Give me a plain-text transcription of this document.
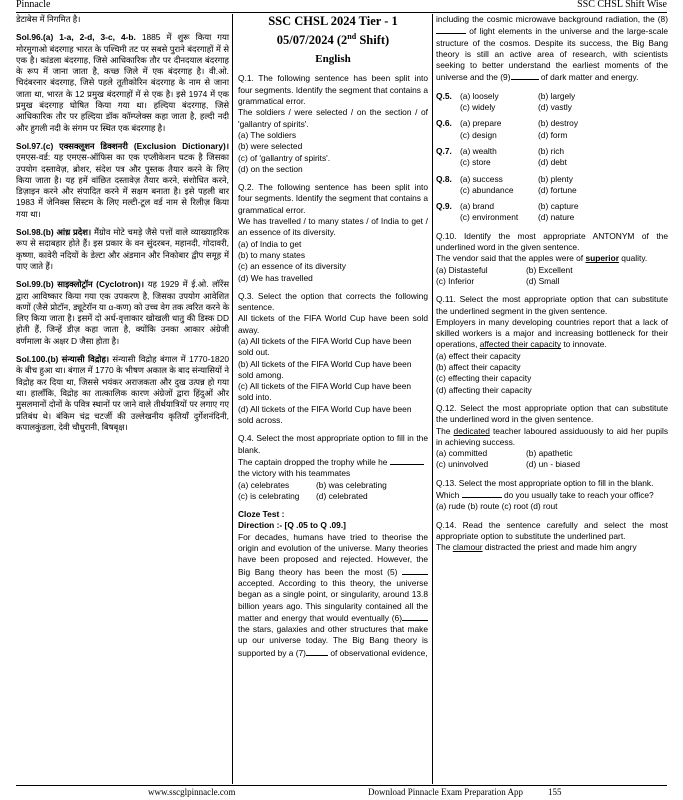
Pinnacle	SSC CHSL Shift Wise

डेटाबेस में निगमित है।

Sol.96.(a) 1-a, 2-d, 3-c, 4-b. 1885 में शुरू किया गया मोरमुगाओ बंदरगाह भारत के पश्चिमी तट पर सबसे पुराने बंदरगाहों में से एक है। कांडला बंदरगाह, जिसे आधिकारिक तौर पर दीनदयाल बंदरगाह के रूप में जाना जाता है, कच्छ जिले में एक बंदरगाह है। वी.ओ. चिदंबरनार बंदरगाह, जिसे पहले तूतीकोरिन बंदरगाह के नाम से जाना जाता था, भारत के 12 प्रमुख बंदरगाहों में से एक है। इसे 1974 में एक प्रमुख बंदरगाह घोषित किया गया था। हल्दिया बंदरगाह, जिसे आधिकारिक तौर पर हल्दिया डॉक कॉम्प्लेक्स कहा जाता है, हल्दी नदी और हुगली नदी के संगम पर स्थित एक बंदरगाह है।

Sol.97.(c) एक्सक्लूशन डिक्शनरी (Exclusion Dictionary)। एमएस-वर्ड: यह एमएस-ऑफिस का एक एप्लीकेशन घटक है जिसका उपयोग दस्तावेज़, ब्रोशर, संदेश पत्र और पुस्तक तैयार करने के लिए किया जाता है। यह हमें वांछित दस्तावेज़ तैयार करने, संशोधित करने, डिज़ाइन करने और संपादित करने में सक्षम बनाता है। इसे पहली बार 1983 में जेनिक्स सिस्टम के लिए मल्टी-टूल वर्ड नाम से रिलीज़ किया गया था।

Sol.98.(b) आंध्र प्रदेश। मैंग्रोव मोटे चमड़े जैसे पत्तों वाले व्याख्याहरिक रूप से सदाबहार होते हैं। इस प्रकार के वन सुंदरबन, महानदी, गोदावरी, कृष्णा, कावेरी नदियों के डेल्टा और अंडमान और निकोबार द्वीप समूह में पाए जाते हैं।

Sol.99.(b) साइक्लोट्रॉन (Cyclotron)। यह 1929 में ई.ओ. लॉरेंस द्वारा आविष्कार किया गया एक उपकरण है, जिसका उपयोग आवेशित कणों (जैसे प्रोटॉन, ड्यूटेरॉन या α-कण) को उच्च वेग तक त्वरित करने के लिए किया जाता है। इसमें दो अर्ध-वृत्ताकार खोखली धातु की डिस्क DD होती हैं, जिन्हें डीज़ कहा जाता है, क्योंकि उनका आकार अंग्रेजी वर्णमाला के अक्षर D जैसा होता है।

Sol.100.(b) संन्यासी विद्रोह। संन्यासी विद्रोह बंगाल में 1770-1820 के बीच हुआ था। बंगाल में 1770 के भीषण अकाल के बाद संन्यासियों ने विद्रोह कर दिया था, जिससे भयंकर अराजकता और दुख उत्पन्न हो गया था। हालाँकि, विद्रोह का तात्कालिक कारण अंग्रेजों द्वारा हिंदुओं और मुसलमानों दोनों के पवित्र स्थानों पर जाने वाले तीर्थयात्रियों पर लगाए गए प्रतिबंध थे। बंकिम चंद्र चटर्जी की उल्लेखनीय कृतियाँ दुर्गेशनंदिनी, कपालकुंडला, देवी चौधुरानी, बिषबृक्ष।

SSC CHSL 2024 Tier - 1

05/07/2024 (2nd Shift)

English

Q.1. The following sentence has been split into four segments. Identify the segment that contains a grammatical error.

The soldiers / were selected / on the section / of 'gallantry of spirits'.

(a) The soldiers

(b) were selected

(c) of 'gallantry of spirits'.

(d) on the section

Q.2. The following sentence has been split into four segments. Identify the segment that contains a grammatical error.

We has travelled / to many states / of India to get / an essence of its diversity.

(a) of India to get

(b) to many states

(c) an essence of its diversity

(d) We has travelled

Q.3. Select the option that corrects the following sentence.

All tickets of the FIFA World Cup have been sold away.

(a) All tickets of the FIFA World Cup have been sold out.

(b) All tickets of the FIFA World Cup have been sold among.

(c) All tickets of the FIFA World Cup have been sold into.

(d) All tickets of the FIFA World Cup have been sold across.

Q.4. Select the most appropriate option to fill in the blank.

The captain dropped the trophy while he the victory with his teammates

(a) celebrates	(b) was celebrating
(c) is celebrating	(d) celebrated

Cloze Test :

Direction :- [Q .05 to Q .09.]

For decades, humans have tried to theorise the origin and evolution of the universe. Many theories have been proposed and rejected. However, the Big Bang theory has been the most (5)  accepted. According to this theory, the universe began as a single point, or singularity, around 13.8 billion years ago. This singularity contained all the matter and energy that would eventually (6) the stars, galaxies and other structures that make up our universe today. The Big Bang theory is supported by a (7)	of observational evidence,

including the cosmic microwave background radiation, the (8) of light elements in the universe and the large-scale structure of the cosmos. Despite its success, the Big Bang theory is still an active area of research, with scientists seeking to better understand the earliest moments of the universe and the (9)	of dark matter and energy.

Q.5. (a) loosely	(b) largely
(c) widely	(d) vastly
Q.6. (a) prepare	(b) destroy
(c) design	(d) form
Q.7. (a) wealth	(b) rich
(c) store	(d) debt
Q.8. (a) success	(b) plenty
(c) abundance	(d) fortune
Q.9. (a) brand	(b) capture
(c) environment	(d) nature

Q.10. Identify the most appropriate ANTONYM of the underlined word in the given sentence.

The vendor said that the apples were of superior quality.

(a) Distasteful	(b) Excellent
(c) Inferior	(d) Small

Q.11. Select the most appropriate option that can substitute the underlined segment in the given sentence.

Employers in many developing countries report that a lack of skilled workers is a major and increasing bottleneck for their operations, affected their capacity to innovate.

(a) effect their capacity

(b) affect their capacity

(c) effecting their capacity

(d) affecting their capacity

Q.12. Select the most appropriate option that can substitute the underlined word in the given sentence.

The dedicated teacher laboured assiduously to aid her pupils in achieving success.

(a) committed	(b) apathetic
(c) uninvolved	(d) un - biased

Q.13. Select the most appropriate option to fill in the blank.

Which	do you usually take to reach your office?

(a) rude (b) route (c) root (d) rout

Q.14. Read the sentence carefully and select the most appropriate option to substitute the underlined part.

The clamour distracted the priest and made him angry

www.sscglpinnacle.com	Download Pinnacle Exam Preparation App	155
